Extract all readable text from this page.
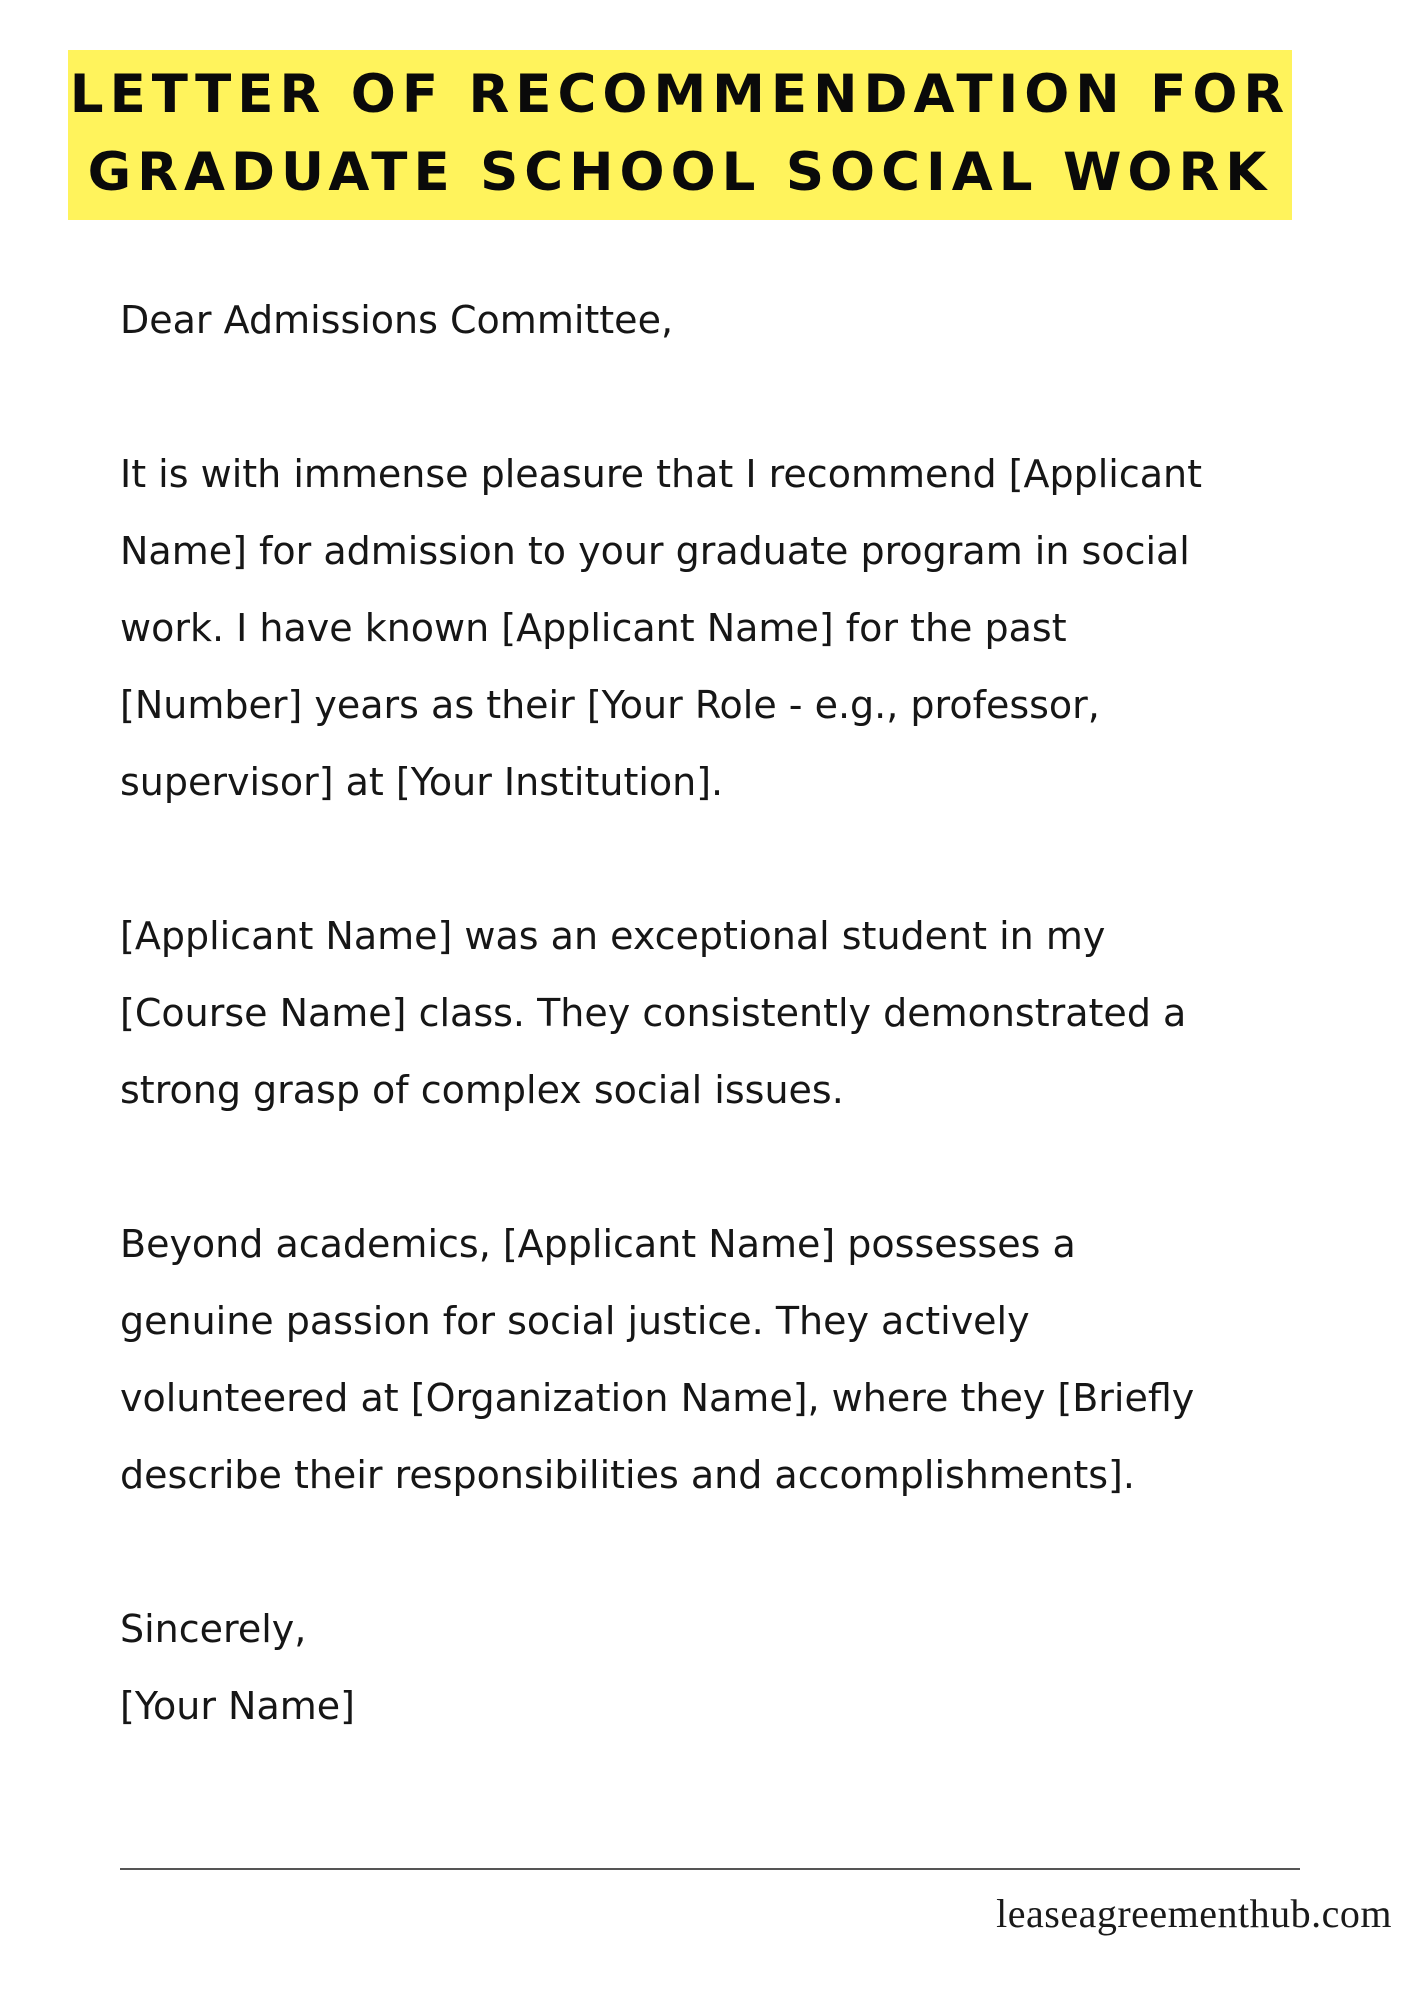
LETTER OF RECOMMENDATION FOR
GRADUATE SCHOOL SOCIAL WORK

Dear Admissions Committee,

It is with immense pleasure that I recommend [Applicant

Name] for admission to your graduate program in social

work. I have known [Applicant Name] for the past

[Number] years as their [Your Role - e.g., professor,

supervisor] at [Your Institution].

[Applicant Name] was an exceptional student in my

[Course Name] class. They consistently demonstrated a

strong grasp of complex social issues.

Beyond academics, [Applicant Name] possesses a

genuine passion for social justice. They actively

volunteered at [Organization Name], where they [Briefly

describe their responsibilities and accomplishments].

Sincerely,

[Your Name]

leaseagreementhub.com
